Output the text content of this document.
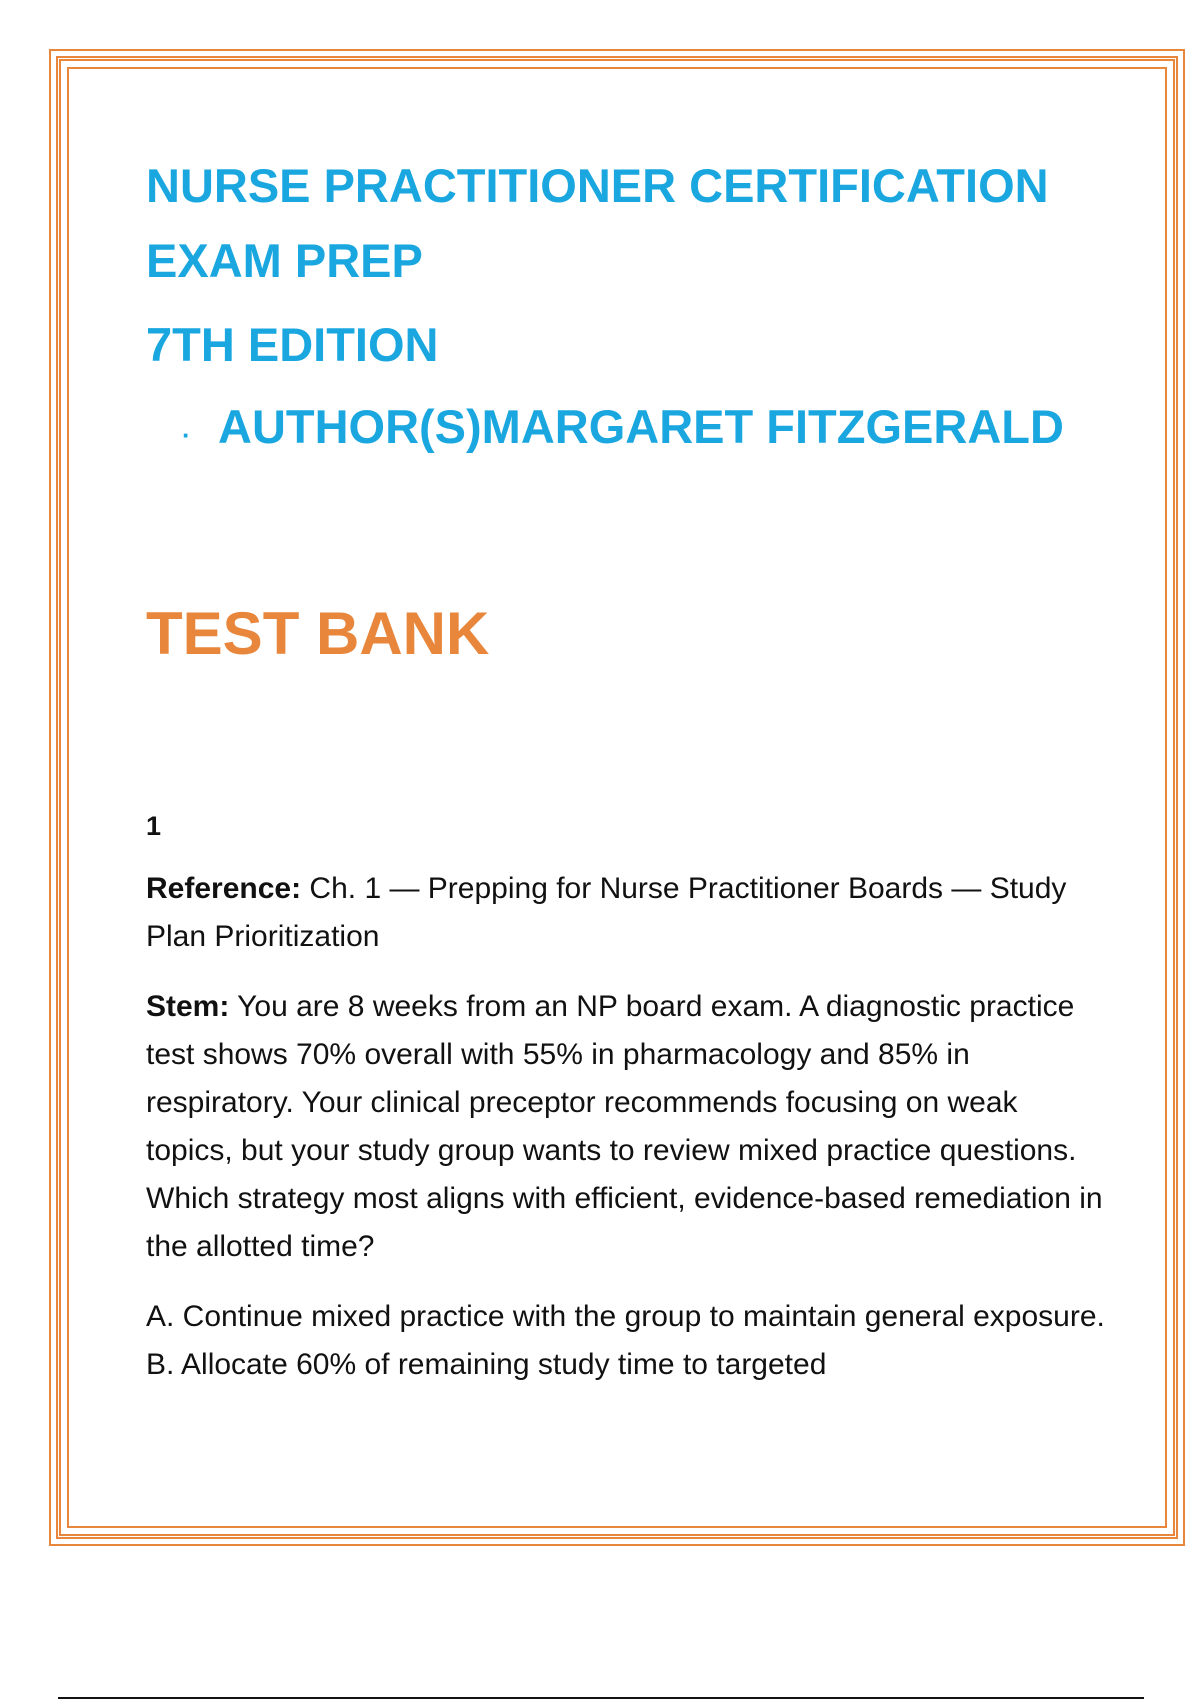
NURSE PRACTITIONER CERTIFICATION
EXAM PREP

7TH EDITION

· AUTHOR(S)MARGARET FITZGERALD

TEST BANK

1

Reference: Ch. 1 — Prepping for Nurse Practitioner Boards — Study Plan Prioritization

Stem: You are 8 weeks from an NP board exam. A diagnostic practice test shows 70% overall with 55% in pharmacology and 85% in respiratory. Your clinical preceptor recommends focusing on weak topics, but your study group wants to review mixed practice questions. Which strategy most aligns with efficient, evidence-based remediation in the allotted time?

A. Continue mixed practice with the group to maintain general exposure.

B. Allocate 60% of remaining study time to targeted
